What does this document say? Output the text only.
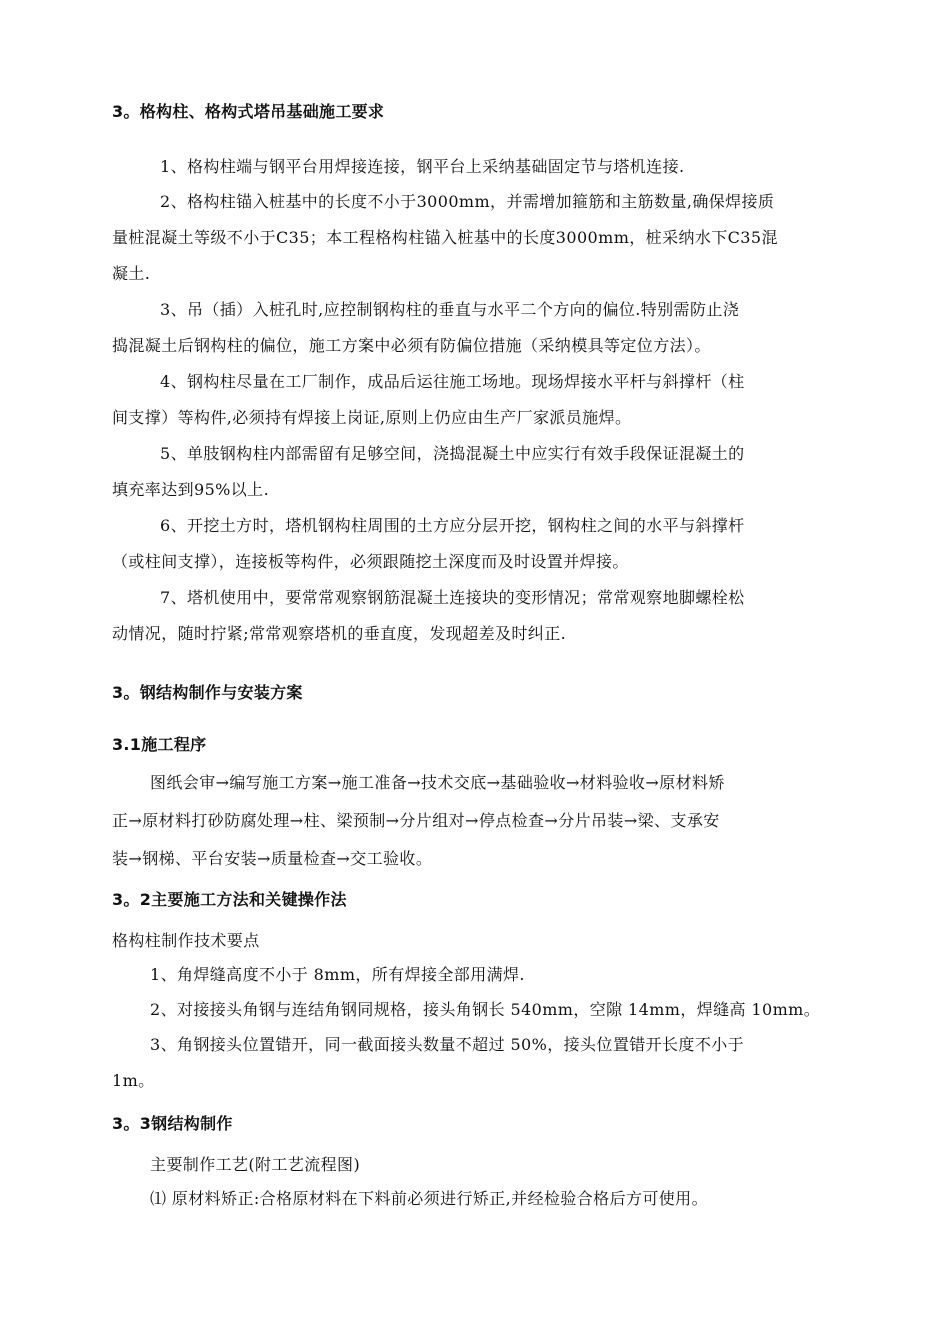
3。格构柱、格构式塔吊基础施工要求
1、格构柱端与钢平台用焊接连接，钢平台上采纳基础固定节与塔机连接.
2、格构柱锚入桩基中的长度不小于3000mm，并需增加箍筋和主筋数量,确保焊接质
量桩混凝土等级不小于C35；本工程格构柱锚入桩基中的长度3000mm，桩采纳水下C35混
凝土.
3、吊（插）入桩孔时,应控制钢构柱的垂直与水平二个方向的偏位.特别需防止浇
捣混凝土后钢构柱的偏位，施工方案中必须有防偏位措施（采纳模具等定位方法）。
4、钢构柱尽量在工厂制作，成品后运往施工场地。现场焊接水平杆与斜撑杆（柱
间支撑）等构件,必须持有焊接上岗证,原则上仍应由生产厂家派员施焊。
5、单肢钢构柱内部需留有足够空间，浇捣混凝土中应实行有效手段保证混凝土的
填充率达到95%以上.
6、开挖土方时，塔机钢构柱周围的土方应分层开挖，钢构柱之间的水平与斜撑杆
（或柱间支撑），连接板等构件，必须跟随挖土深度而及时设置并焊接。
7、塔机使用中，要常常观察钢筋混凝土连接块的变形情况；常常观察地脚螺栓松
动情况，随时拧紧;常常观察塔机的垂直度，发现超差及时纠正.
3。钢结构制作与安装方案
3.1施工程序
图纸会审→编写施工方案→施工准备→技术交底→基础验收→材料验收→原材料矫
正→原材料打砂防腐处理→柱、梁预制→分片组对→停点检查→分片吊装→梁、支承安
装→钢梯、平台安装→质量检查→交工验收。
3。2主要施工方法和关键操作法
格构柱制作技术要点
1、角焊缝高度不小于 8mm，所有焊接全部用满焊.
2、对接接头角钢与连结角钢同规格，接头角钢长 540mm，空隙 14mm，焊缝高 10mm。
3、角钢接头位置错开，同一截面接头数量不超过 50%，接头位置错开长度不小于
1m。
3。3钢结构制作
主要制作工艺(附工艺流程图)
⑴ 原材料矫正:合格原材料在下料前必须进行矫正,并经检验合格后方可使用。
